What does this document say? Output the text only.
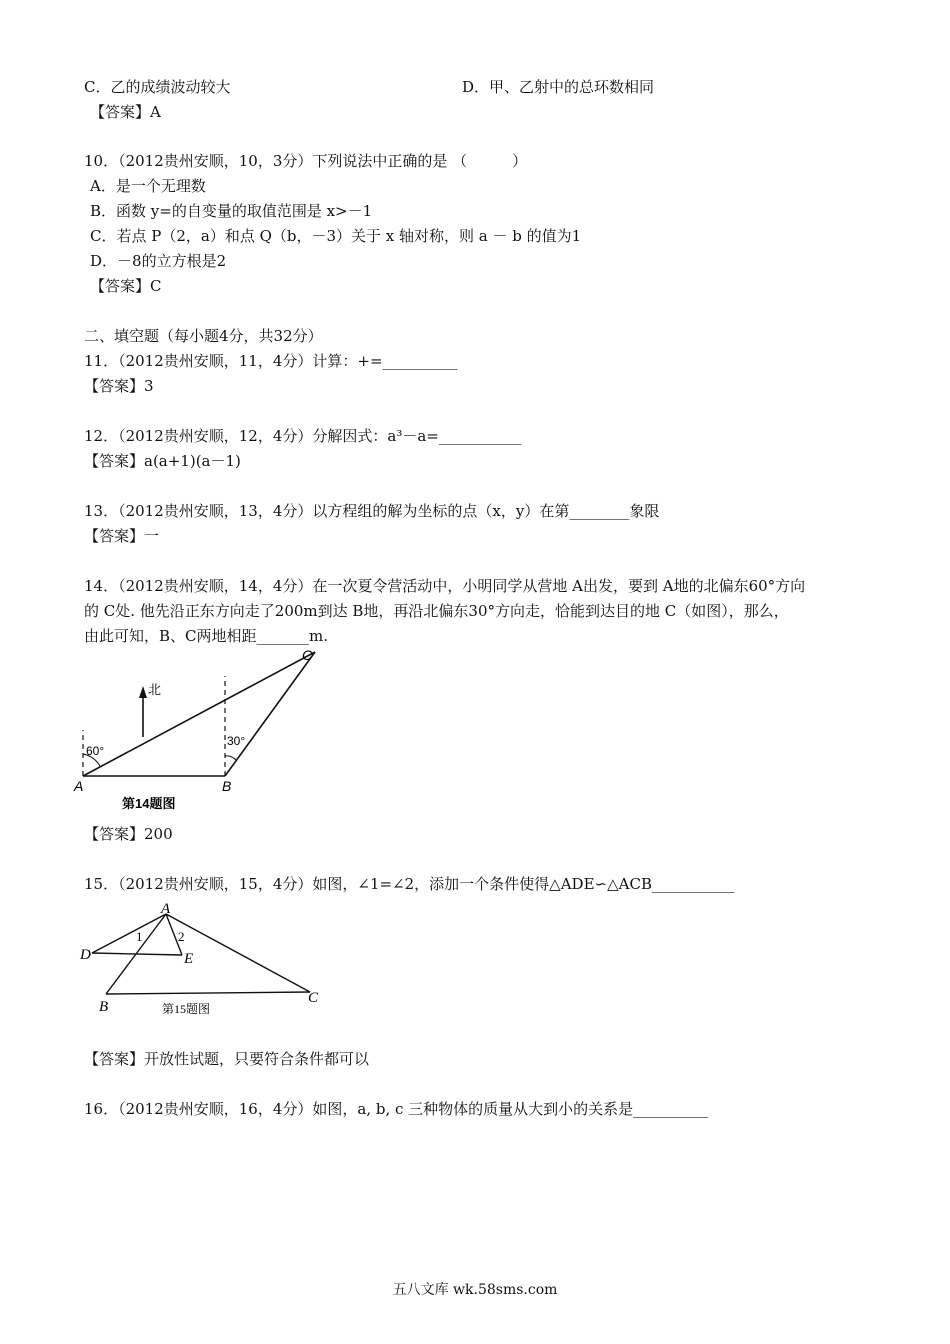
C．乙的成绩波动较大	D．甲、乙射中的总环数相同
【答案】A
10．（2012贵州安顺，10，3分）下列说法中正确的是 （　　　）
A．是一个无理数
B．函数 y=的自变量的取值范围是 x>－1
C．若点 P（2，a）和点 Q（b，－3）关于 x 轴对称，则 a － b 的值为1
D．－8的立方根是2
【答案】C
二、填空题（每小题4分，共32分）
11．（2012贵州安顺，11，4分）计算：+=__________
【答案】3
12．（2012贵州安顺，12，4分）分解因式：a³－a=___________
【答案】a(a+1)(a－1)
13．（2012贵州安顺，13，4分）以方程组的解为坐标的点（x，y）在第________象限
【答案】一
14．（2012贵州安顺，14，4分）在一次夏令营活动中，小明同学从营地 A出发，要到 A地的北偏东60°方向
的 C处. 他先沿正东方向走了200m到达 B地，再沿北偏东30°方向走，恰能到达目的地 C（如图），那么，
由此可知，B、C两地相距_______m.
北
60°
30°
A	B
C
第14题图
【答案】200
15．（2012贵州安顺，15，4分）如图，∠1=∠2，添加一个条件使得△ADE∽△ACB___________
A
D	E
B
C
1	2
第15题图
【答案】开放性试题，只要符合条件都可以
16．（2012贵州安顺，16，4分）如图，a, b, c 三种物体的质量从大到小的关系是__________
五八文库 wk.58sms.com
